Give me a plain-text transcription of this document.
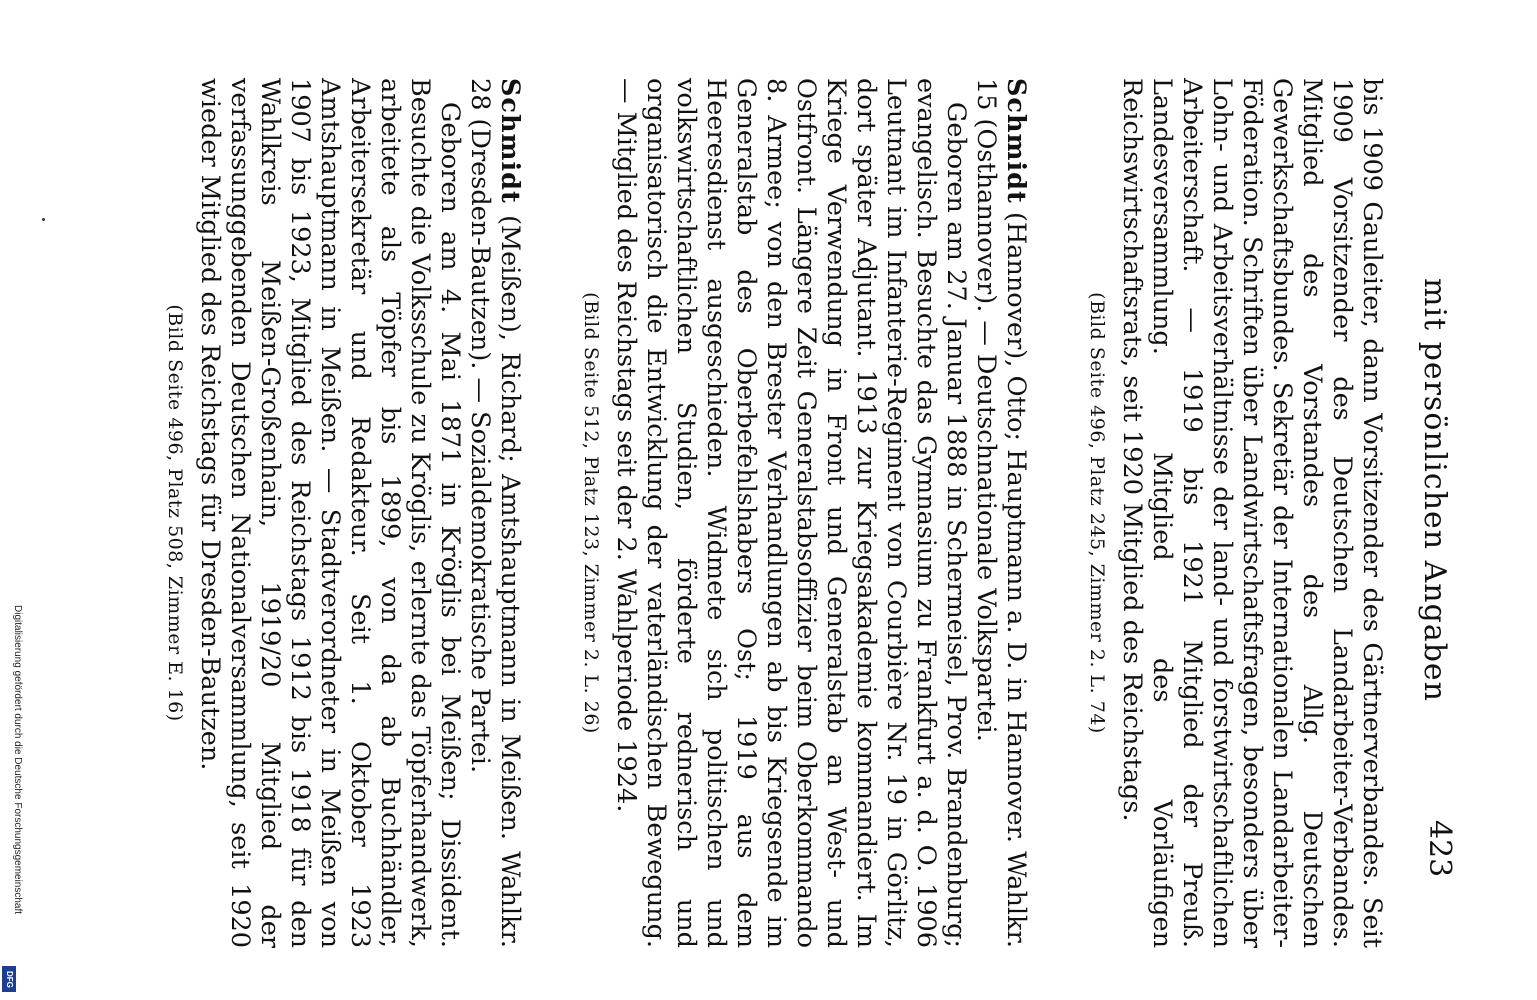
mit persönlichen Angaben
423

bis 1909 Gauleiter, dann Vorsitzender des Gärtnerverbandes. Seit 1909 Vorsitzender des Deutschen Landarbeiter-Verbandes. Mitglied des Vorstandes des Allg. Deutschen Gewerkschaftsbundes. Sekretär der Internationalen Landarbeiter-Föderation. Schriften über Landwirtschaftsfragen, besonders über Lohn- und Arbeitsverhältnisse der land- und forstwirtschaftlichen Arbeiterschaft. — 1919 bis 1921 Mitglied der Preuß. Landesversammlung. Mitglied des Vorläufigen Reichswirtschaftsrats, seit 1920 Mitglied des Reichstags.

(Bild Seite 496, Platz 245, Zimmer 2. L. 74)

Schmidt (Hannover), Otto; Hauptmann a. D. in Hannover. Wahlkr. 15 (Osthannover). — Deutschnationale Volkspartei.

Geboren am 27. Januar 1888 in Schermeisel, Prov. Brandenburg; evangelisch. Besuchte das Gymnasium zu Frankfurt a. d. O. 1906 Leutnant im Infanterie-Regiment von Courbière Nr. 19 in Görlitz, dort später Adjutant. 1913 zur Kriegsakademie kommandiert. Im Kriege Verwendung in Front und Generalstab an West- und Ostfront. Längere Zeit Generalstabsoffizier beim Oberkommando 8. Armee; von den Brester Verhandlungen ab bis Kriegsende im Generalstab des Oberbefehlshabers Ost; 1919 aus dem Heeresdienst ausgeschieden. Widmete sich politischen und volkswirtschaftlichen Studien, förderte rednerisch und organisatorisch die Entwicklung der vaterländischen Bewegung. — Mitglied des Reichstags seit der 2. Wahlperiode 1924.

(Bild Seite 512, Platz 123, Zimmer 2. L. 26)

Schmidt (Meißen), Richard; Amtshauptmann in Meißen. Wahlkr. 28 (Dresden-Bautzen). — Sozialdemokratische Partei.

Geboren am 4. Mai 1871 in Kröglis bei Meißen; Dissident. Besuchte die Volksschule zu Kröglis, erlernte das Töpferhandwerk, arbeitete als Töpfer bis 1899, von da ab Buchhändler, Arbeitersekretär und Redakteur. Seit 1. Oktober 1923 Amtshauptmann in Meißen. — Stadtverordneter in Meißen von 1907 bis 1923, Mitglied des Reichstags 1912 bis 1918 für den Wahlkreis Meißen-Großenhain, 1919/20 Mitglied der verfassunggebenden Deutschen Nationalversammlung, seit 1920 wieder Mitglied des Reichstags für Dresden-Bautzen.

(Bild Seite 496, Platz 508, Zimmer E. 16)
Digitalisierung gefördert durch die Deutsche Forschungsgemeinschaft
DFG
